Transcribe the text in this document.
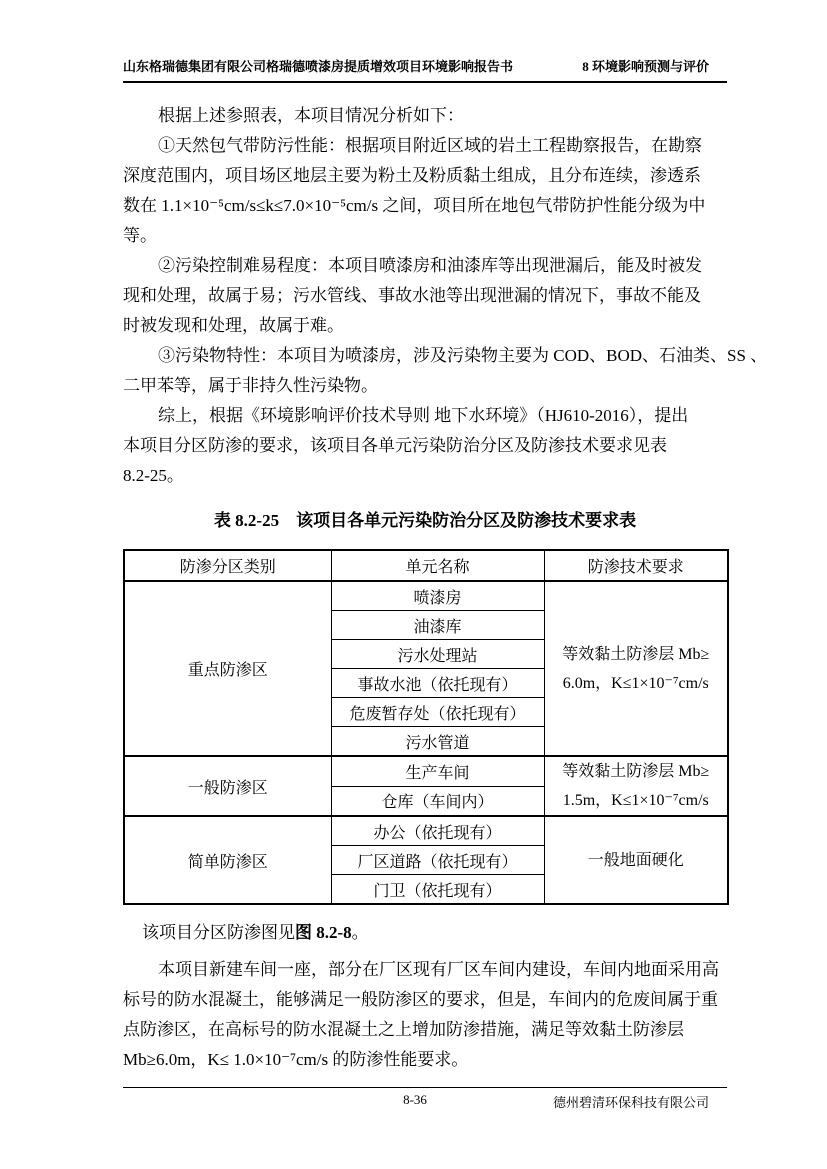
山东格瑞德集团有限公司格瑞德喷漆房提质增效项目环境影响报告书	8 环境影响预测与评价
根据上述参照表，本项目情况分析如下：
①天然包气带防污性能：根据项目附近区域的岩土工程勘察报告，在勘察
深度范围内，项目场区地层主要为粉土及粉质黏土组成，且分布连续，渗透系
数在 1.1×10⁻⁵cm/s≤k≤7.0×10⁻⁵cm/s 之间，项目所在地包气带防护性能分级为中
等。
②污染控制难易程度：本项目喷漆房和油漆库等出现泄漏后，能及时被发
现和处理，故属于易；污水管线、事故水池等出现泄漏的情况下，事故不能及
时被发现和处理，故属于难。
③污染物特性：本项目为喷漆房，涉及污染物主要为 COD、BOD、石油类、SS 、
二甲苯等，属于非持久性污染物。
综上，根据《环境影响评价技术导则 地下水环境》（HJ610-2016），提出
本项目分区防渗的要求，该项目各单元污染防治分区及防渗技术要求见表
8.2-25。
表 8.2-25　该项目各单元污染防治分区及防渗技术要求表
防渗分区类别	单元名称	防渗技术要求
重点防渗区	喷漆房	等效黏土防渗层 Mb≥
6.0m，K≤1×10⁻⁷cm/s

	油漆库	
	污水处理站	
	事故水池（依托现有）	
	危废暂存处（依托现有）	
	污水管道	
一般防渗区	生产车间	等效黏土防渗层 Mb≥
1.5m，K≤1×10⁻⁷cm/s

	仓库（车间内）	
简单防渗区	办公（依托现有）	一般地面硬化

	厂区道路（依托现有）	
	门卫（依托现有）	
该项目分区防渗图见图 8.2-8。
本项目新建车间一座，部分在厂区现有厂区车间内建设，车间内地面采用高
标号的防水混凝土，能够满足一般防渗区的要求，但是，车间内的危废间属于重
点防渗区，在高标号的防水混凝土之上增加防渗措施，满足等效黏土防渗层
Mb≥6.0m，K≤ 1.0×10⁻⁷cm/s 的防渗性能要求。
8-36	德州碧清环保科技有限公司
